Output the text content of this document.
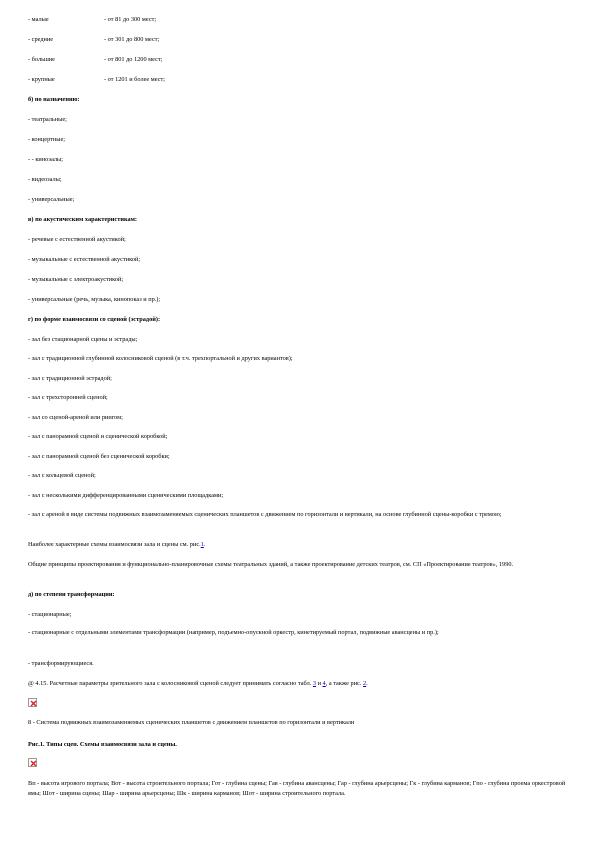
- малые	- от 81 до 300 мест;
- средние	- от 301 до 800 мест;
- большие	- от 801 до 1200 мест;
- крупные	- от 1201 и более мест;
б) по назначению:
- театральные;
- концертные;
- - киноэалы;
- видеозалы;
- универсальные;
в) по акустическим характеристикам:
- речевые с естественной акустикой;
- музыкальные с естественной акустикой;
- музыкальные с электроакустикой;
- универсальные (речь, музыка, кинопоказ и пр.);
г) по форме взаимосвязи со сценой (эстрадой):
- зал без стационарной сцены и эстрады;
- зал с традиционной глубинной колосниковой сценой (в т.ч. трехпортальной и других вариантов);
- зал с традиционной эстрадой;
- зал с трехсторонней сценой;
- зал со сценой-ареной или рингом;
- зал с панорамной сценой и сценической коробкой;
- зал с панорамной сценой без сценической коробки;
- зал с кольцевой сценой;
- зал с несколькими дифференцированными сценическими площадками;
- зал с ареной в виде системы подвижных взаимозаменяемых сценических планшетов с движением по горизонтали и вертикали, на основе глубинной сцены-коробки с тремою;
Наиболее характерные схемы взаимосвязи зала и сцены см. рис.1.
Общие принципы проектирования и функционально-планировочные схемы театральных зданий, а также проектирование детских театров, см. СП «Проектирование театров», 1990.
д) по степени трансформации:
- стационарные;
- стационарные с отдельными элементами трансформации (например, подъемно-опускной оркестр, кинетируемый портал, подвижные авансцены и пр.);
- трансформирующиеся.
@ 4.15. Расчетные параметры зрительного зала с колосниковой сценой следует принимать согласно табл. 3 и 4, а также рис. 2.
8 - Система подвижных взаимозаменяемых сценических планшетов с движением планшетов по горизонтали и вертикали
Рис.1. Типы сцен. Схемы взаимосвязи зала и сцены.
Вп - высота игрового портала; Вот - высота строительного портала; Гот - глубина сцены; Гав - глубина авансцены; Гар - глубина арьерсцены; Гк - глубина карманов; Гпо - глубина проема оркестровой ямы; Шот - ширина сцены; Шар - ширина арьерсцены; Шк - ширина карманов; Шот - ширина строительного портала.
